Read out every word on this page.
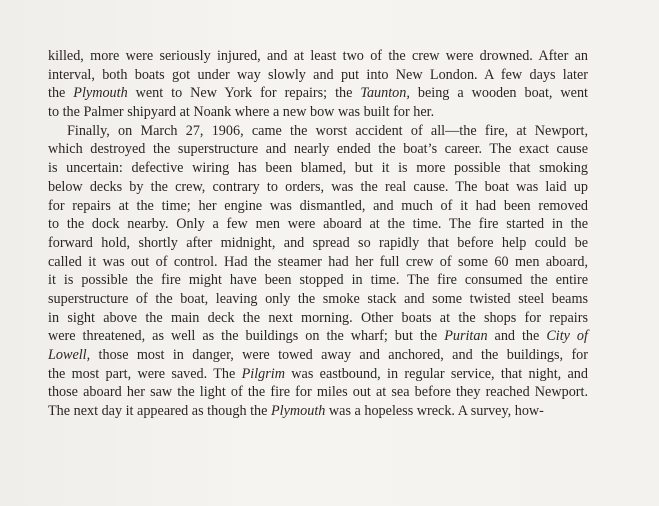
killed, more were seriously injured, and at least two of the crew were drowned. After an
interval, both boats got under way slowly and put into New London. A few days later
the Plymouth went to New York for repairs; the Taunton, being a wooden boat, went
to the Palmer shipyard at Noank where a new bow was built for her.
Finally, on March 27, 1906, came the worst accident of all—the fire, at Newport,
which destroyed the superstructure and nearly ended the boat’s career. The exact cause
is uncertain: defective wiring has been blamed, but it is more possible that smoking
below decks by the crew, contrary to orders, was the real cause. The boat was laid up
for repairs at the time; her engine was dismantled, and much of it had been removed
to the dock nearby. Only a few men were aboard at the time. The fire started in the
forward hold, shortly after midnight, and spread so rapidly that before help could be
called it was out of control. Had the steamer had her full crew of some 60 men aboard,
it is possible the fire might have been stopped in time. The fire consumed the entire
superstructure of the boat, leaving only the smoke stack and some twisted steel beams
in sight above the main deck the next morning. Other boats at the shops for repairs
were threatened, as well as the buildings on the wharf; but the Puritan and the City of
Lowell, those most in danger, were towed away and anchored, and the buildings, for
the most part, were saved. The Pilgrim was eastbound, in regular service, that night, and
those aboard her saw the light of the fire for miles out at sea before they reached Newport.
The next day it appeared as though the Plymouth was a hopeless wreck. A survey, how-
